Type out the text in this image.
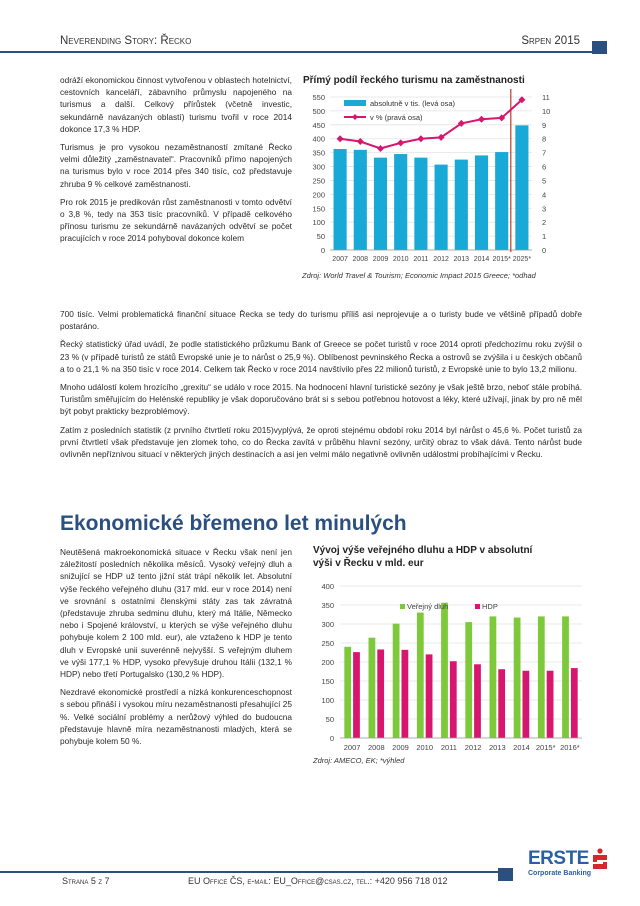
Neverending Story: Řecko	Srpen 2015

odráží ekonomickou činnost vytvořenou v oblastech hotelnictví, cestovních kanceláří, zábavního průmyslu napojeného na turismus a další. Celkový přírůstek (včetně investic, sekundárně navázaných oblastí) turismu tvořil v roce 2014 dokonce 17,3 % HDP.

Turismus je pro vysokou nezaměstnaností zmítané Řecko velmi důležitý „zaměstnavatel“. Pracovníků přímo napojených na turismus bylo v roce 2014 přes 340 tisíc, což představuje zhruba 9 % celkové zaměstnanosti.

Pro rok 2015 je predikován růst zaměstnanosti v tomto odvětví o 3,8 %, tedy na 353 tisíc pracovníků. V případě celkového přínosu turismu ze sekundárně navázaných odvětví se počet pracujících v roce 2014 pohyboval dokonce kolem

700 tisíc. Velmi problematická finanční situace Řecka se tedy do turismu příliš asi neprojevuje a o turisty bude ve většině případů dobře postaráno.

Řecký statistický úřad uvádí, že podle statistického průzkumu Bank of Greece se počet turistů v roce 2014 oproti předchozímu roku zvýšil o 23 % (v případě turistů ze států Evropské unie je to nárůst o 25,9 %). Oblíbenost pevninského Řecka a ostrovů se zvýšila i u českých občanů a to o 21,1 % na 350 tisíc v roce 2014. Celkem tak Řecko v roce 2014 navštívilo přes 22 milionů turistů, z Evropské unie to bylo 13,2 milionu.

Mnoho událostí kolem hrozícího „grexitu“ se událo v roce 2015. Na hodnocení hlavní turistické sezóny je však ještě brzo, neboť stále probíhá. Turistům směřujícím do Helénské republiky je však doporučováno brát si s sebou potřebnou hotovost a léky, které užívají, jinak by pro ně měl být pobyt prakticky bezproblémový.

Zatím z posledních statistik (z prvního čtvrtletí roku 2015)vyplývá, že oproti stejnému období roku 2014 byl nárůst o 45,6 %. Počet turistů za první čtvrtletí však představuje jen zlomek toho, co do Řecka zavítá v průběhu hlavní sezóny, určitý obraz to však dává. Tento nárůst bude ovlivněn nepříznivou situací v některých jiných destinacích a asi jen velmi málo negativně ovlivněn událostmi probíhajícími v Řecku.

Přímý podíl řeckého turismu na zaměstnanosti
0
50
100
150
200
250
300
350
400
450
500
550
0
1
2
3
4
5
6
7
8
9
10
11
2007 2008 2009 2010 2011 2012 2013 2014 2015* 2025*
absolutně v tis. (levá osa)
v % (pravá osa)
Zdroj: World Travel & Tourism; Economic Impact 2015 Greece; *odhad
Ekonomické břemeno let minulých

Neutěšená makroekonomická situace v Řecku však není jen záležitostí posledních několika měsíců. Vysoký veřejný dluh a snižující se HDP už tento jižní stát trápí několik let. Absolutní výše řeckého veřejného dluhu (317 mld. eur v roce 2014) není ve srovnání s ostatními členskými státy zas tak závratná (představuje zhruba sedminu dluhu, který má Itálie, Německo nebo i Spojené království, u kterých se výše veřejného dluhu pohybuje kolem 2 100 mld. eur), ale vztaženo k HDP je tento dluh v Evropské unii suverénně nejvyšší. S veřejným dluhem ve výši 177,1 % HDP, vysoko převyšuje druhou Itálii (132,1 % HDP) nebo třetí Portugalsko (130,2 % HDP).

Nezdravé ekonomické prostředí a nízká konkurenceschopnost s sebou přináší i vysokou míru nezaměstnanosti přesahující 25 %. Velké sociální problémy a nerůžový výhled do budoucna představuje hlavně míra nezaměstnanosti mladých, která se pohybuje kolem 50 %.

Vývoj výše veřejného dluhu a HDP v absolutní
výši v Řecku v mld. eur
0
50
100
150
200
250
300
350
400
2007 2008 2009 2010 2011 2012 2013 2014 2015* 2016*
Veřejný dluh	HDP
Zdroj: AMECO, EK; *výhled
Strana 5 z 7	EU Office ČS, e-mail: EU_Office@csas.cz, tel.: +420 956 718 012
ERSTE
Corporate Banking
